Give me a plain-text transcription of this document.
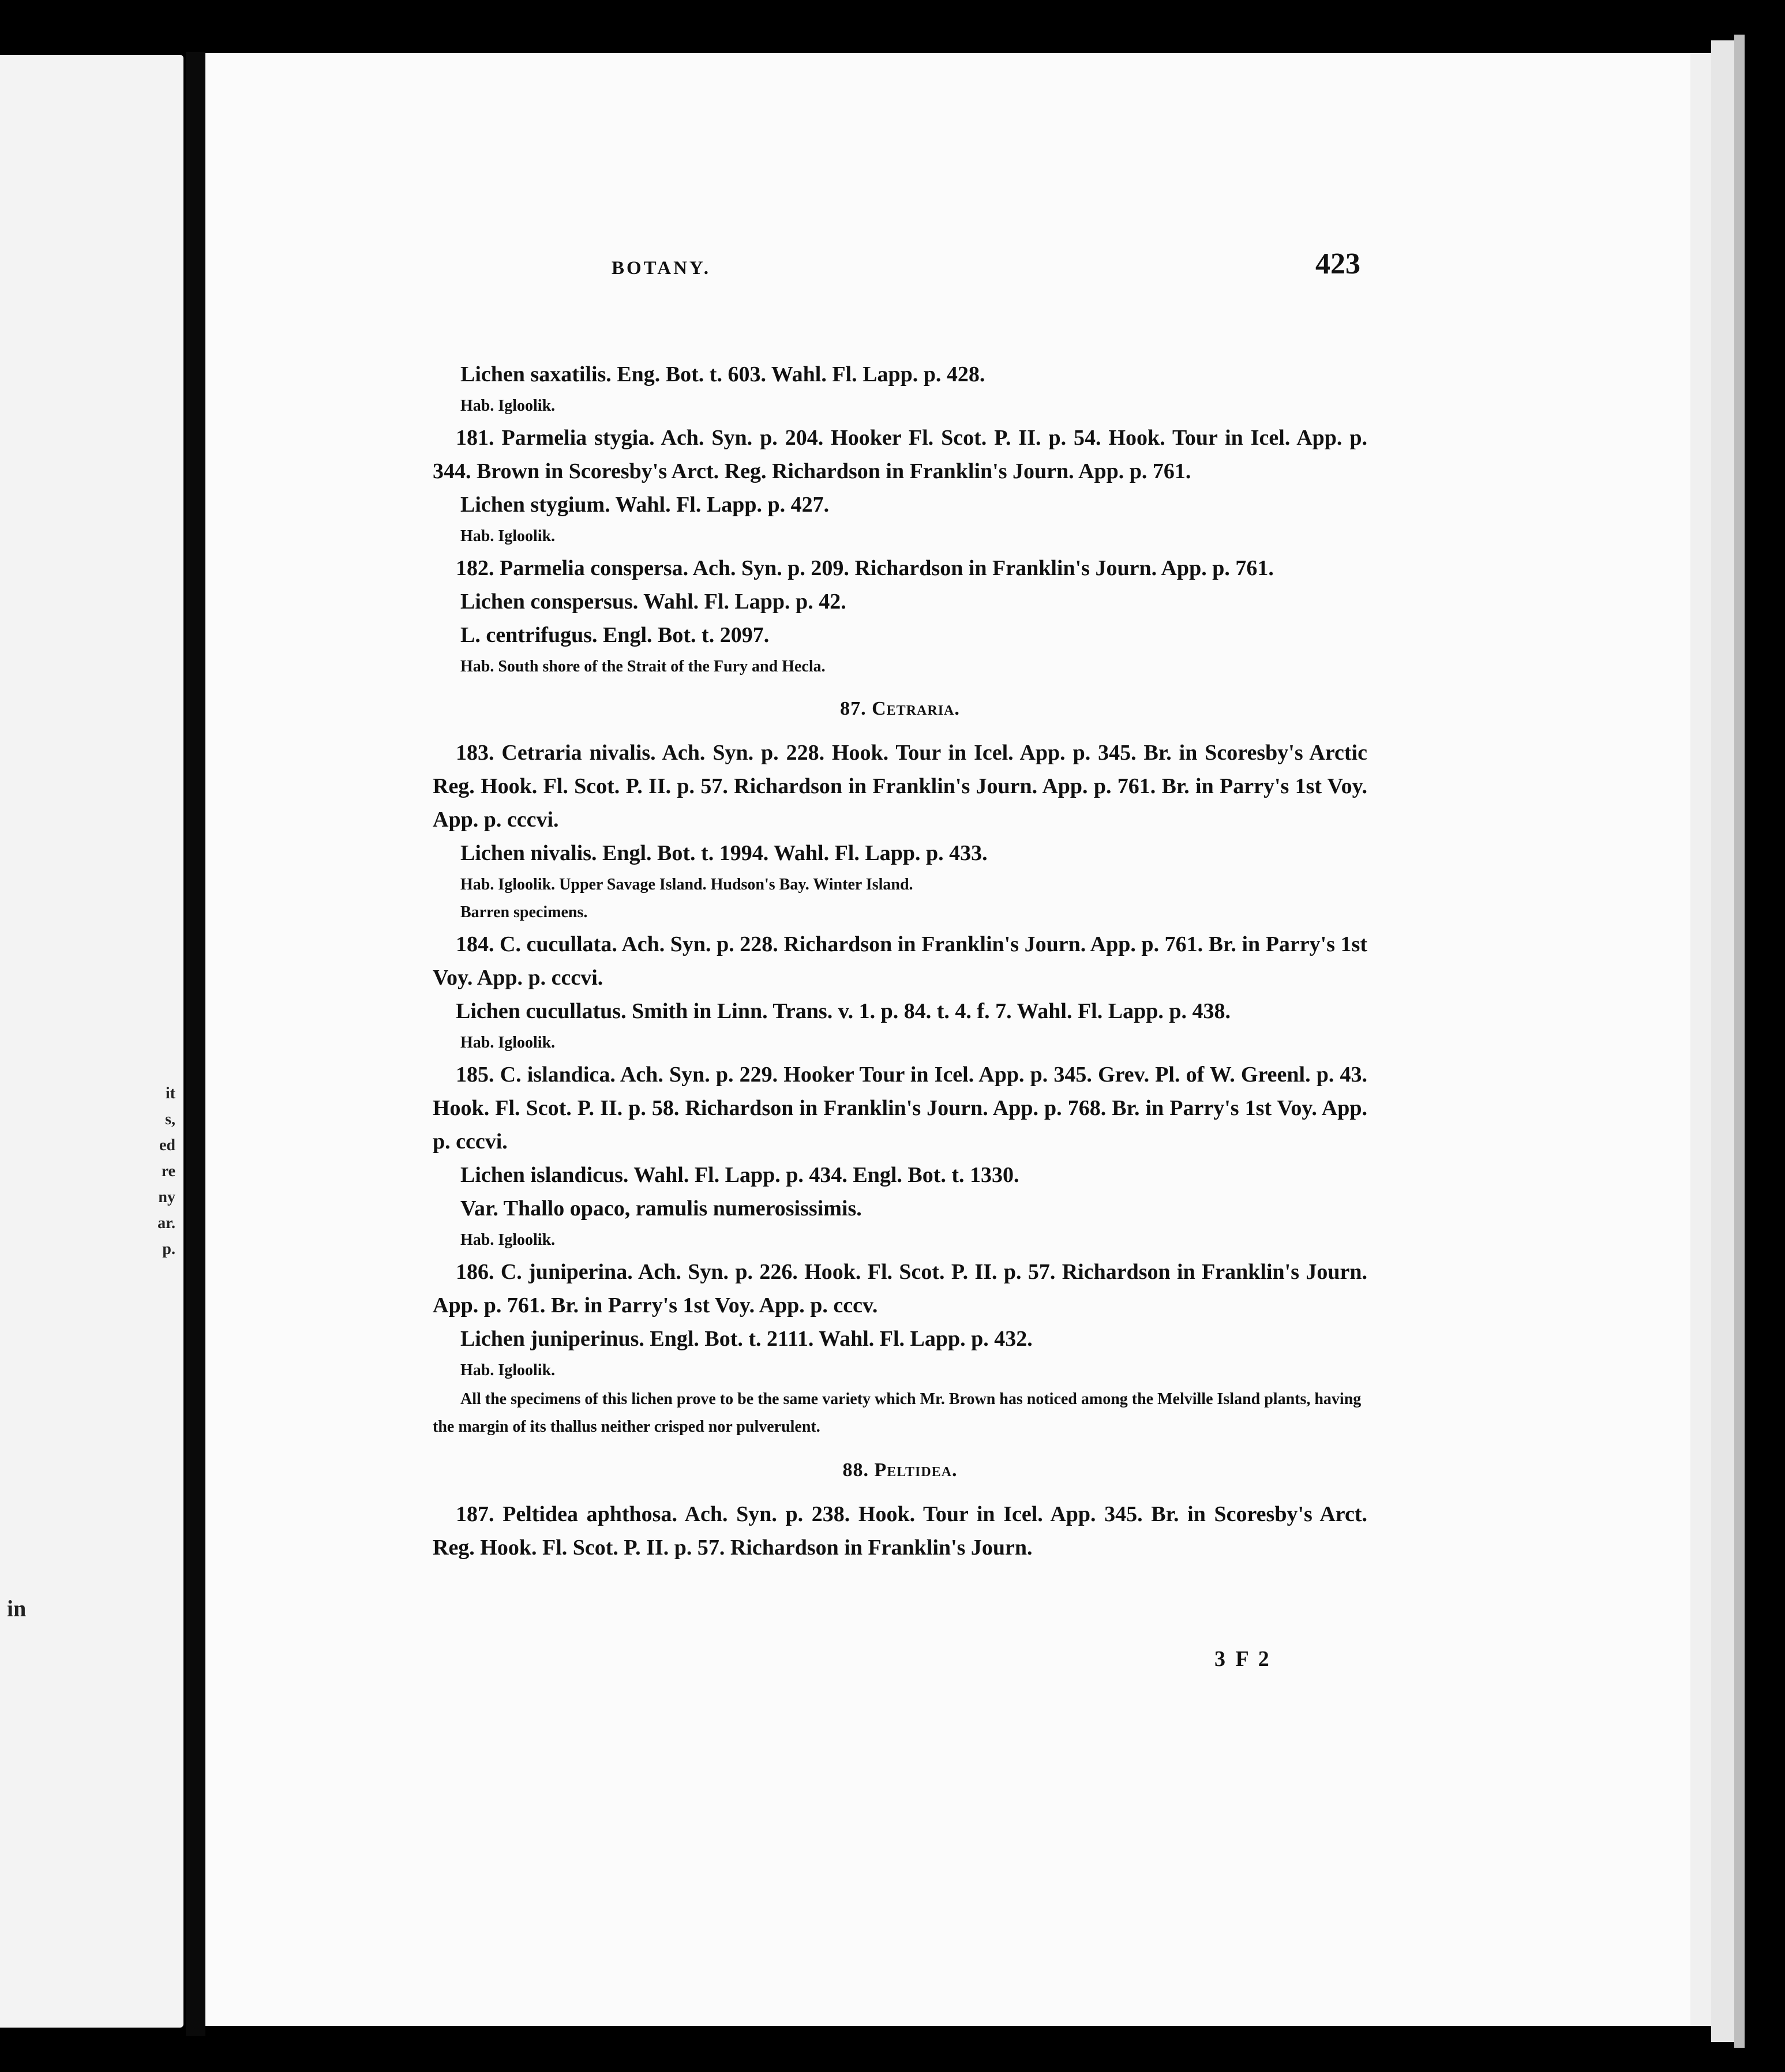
it
s,
ed
re
ny
ar.
p.
in
BOTANY.	423

Lichen saxatilis. Eng. Bot. t. 603. Wahl. Fl. Lapp. p. 428.

Hab. Igloolik.

181. Parmelia stygia. Ach. Syn. p. 204. Hooker Fl. Scot. P. II. p. 54. Hook. Tour in Icel. App. p. 344. Brown in Scoresby's Arct. Reg. Richardson in Franklin's Journ. App. p. 761.

Lichen stygium. Wahl. Fl. Lapp. p. 427.

Hab. Igloolik.

182. Parmelia conspersa. Ach. Syn. p. 209. Richardson in Franklin's Journ. App. p. 761.

Lichen conspersus. Wahl. Fl. Lapp. p. 42.

L. centrifugus. Engl. Bot. t. 2097.

Hab. South shore of the Strait of the Fury and Hecla.

87. Cetraria.

183. Cetraria nivalis. Ach. Syn. p. 228. Hook. Tour in Icel. App. p. 345. Br. in Scoresby's Arctic Reg. Hook. Fl. Scot. P. II. p. 57. Richardson in Franklin's Journ. App. p. 761. Br. in Parry's 1st Voy. App. p. cccvi.

Lichen nivalis. Engl. Bot. t. 1994. Wahl. Fl. Lapp. p. 433.

Hab. Igloolik. Upper Savage Island. Hudson's Bay. Winter Island.

Barren specimens.

184. C. cucullata. Ach. Syn. p. 228. Richardson in Franklin's Journ. App. p. 761. Br. in Parry's 1st Voy. App. p. cccvi.

Lichen cucullatus. Smith in Linn. Trans. v. 1. p. 84. t. 4. f. 7. Wahl. Fl. Lapp. p. 438.

Hab. Igloolik.

185. C. islandica. Ach. Syn. p. 229. Hooker Tour in Icel. App. p. 345. Grev. Pl. of W. Greenl. p. 43. Hook. Fl. Scot. P. II. p. 58. Richardson in Franklin's Journ. App. p. 768. Br. in Parry's 1st Voy. App. p. cccvi.

Lichen islandicus. Wahl. Fl. Lapp. p. 434. Engl. Bot. t. 1330.

Var. Thallo opaco, ramulis numerosissimis.

Hab. Igloolik.

186. C. juniperina. Ach. Syn. p. 226. Hook. Fl. Scot. P. II. p. 57. Richardson in Franklin's Journ. App. p. 761. Br. in Parry's 1st Voy. App. p. cccv.

Lichen juniperinus. Engl. Bot. t. 2111. Wahl. Fl. Lapp. p. 432.

Hab. Igloolik.

All the specimens of this lichen prove to be the same variety which Mr. Brown has noticed among the Melville Island plants, having the margin of its thallus neither crisped nor pulverulent.

88. Peltidea.

187. Peltidea aphthosa. Ach. Syn. p. 238. Hook. Tour in Icel. App. 345. Br. in Scoresby's Arct. Reg. Hook. Fl. Scot. P. II. p. 57. Richardson in Franklin's Journ.

3 F 2
